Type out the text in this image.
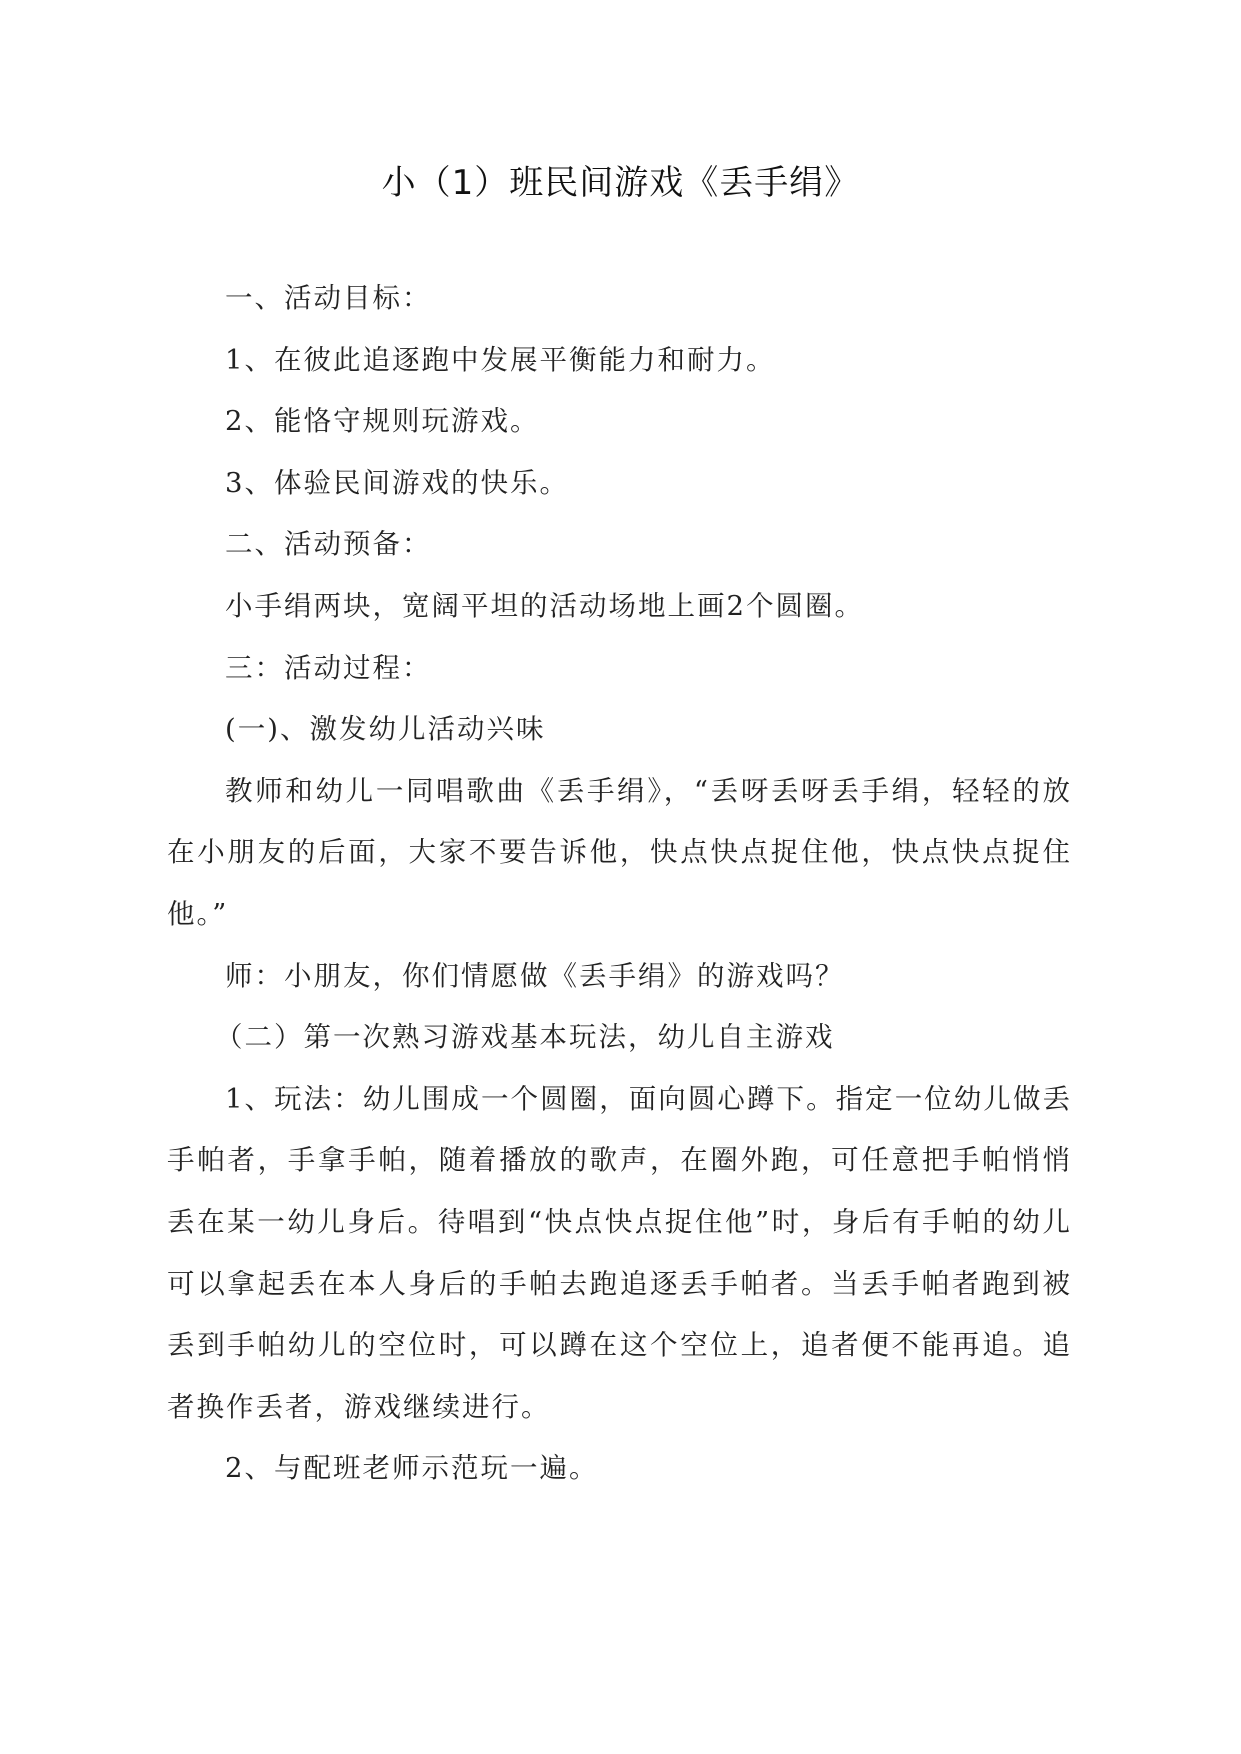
小（1）班民间游戏《丢手绢》

一、活动目标：

1、在彼此追逐跑中发展平衡能力和耐力。

2、能恪守规则玩游戏。

3、体验民间游戏的快乐。

二、活动预备：

小手绢两块，宽阔平坦的活动场地上画2个圆圈。

三：活动过程：

(一)、激发幼儿活动兴味

教师和幼儿一同唱歌曲《丢手绢》，“丢呀丢呀丢手绢，轻轻的放在小朋友的后面，大家不要告诉他，快点快点捉住他，快点快点捉住他。”

师：小朋友，你们情愿做《丢手绢》的游戏吗？

（二）第一次熟习游戏基本玩法，幼儿自主游戏

1、玩法：幼儿围成一个圆圈，面向圆心蹲下。指定一位幼儿做丢手帕者，手拿手帕，随着播放的歌声，在圈外跑，可任意把手帕悄悄丢在某一幼儿身后。待唱到“快点快点捉住他”时，身后有手帕的幼儿可以拿起丢在本人身后的手帕去跑追逐丢手帕者。当丢手帕者跑到被丢到手帕幼儿的空位时，可以蹲在这个空位上，追者便不能再追。追者换作丢者，游戏继续进行。

2、与配班老师示范玩一遍。
